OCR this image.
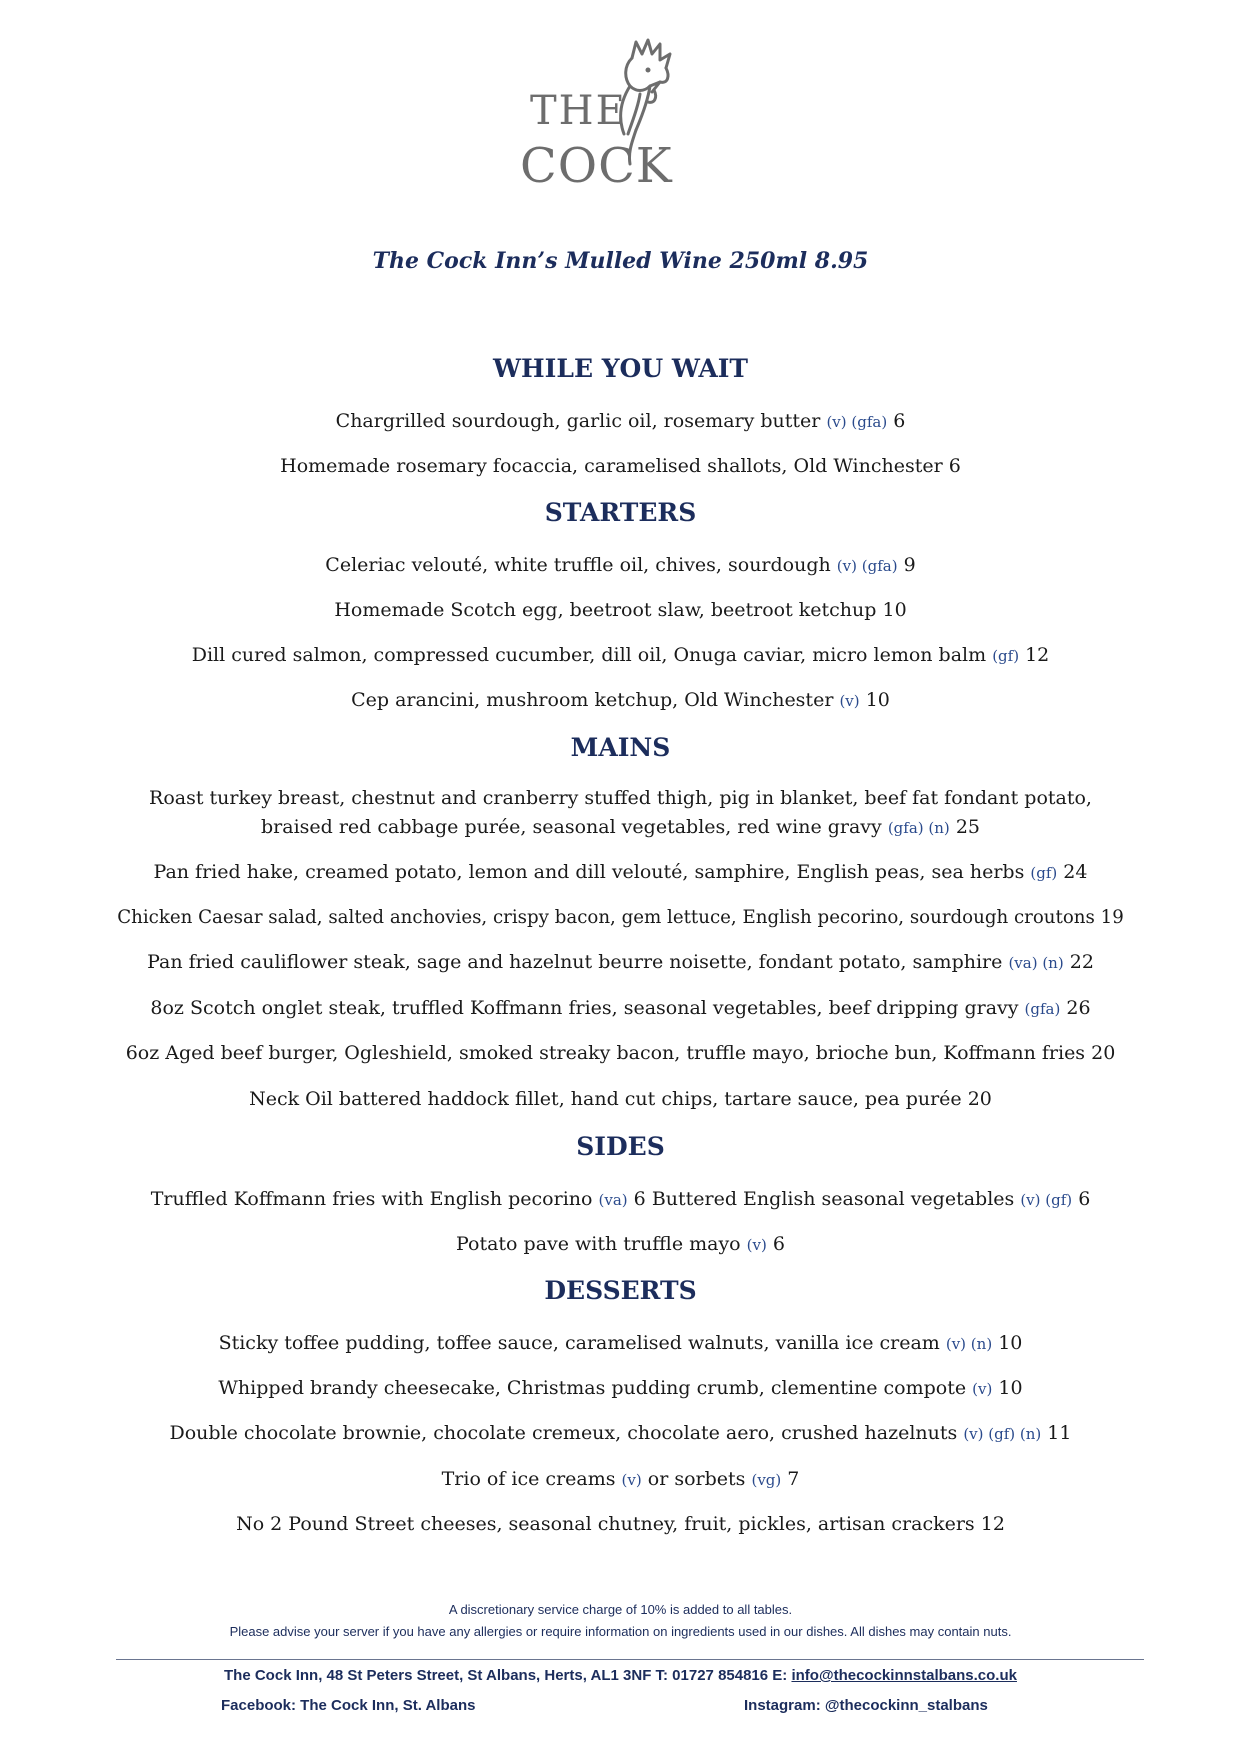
THE
COCK
The Cock Inn’s Mulled Wine 250ml 8.95
WHILE YOU WAIT
Chargrilled sourdough, garlic oil, rosemary butter (v) (gfa) 6
Homemade rosemary focaccia, caramelised shallots, Old Winchester 6
STARTERS
Celeriac velouté, white truffle oil, chives, sourdough (v) (gfa) 9
Homemade Scotch egg, beetroot slaw, beetroot ketchup 10
Dill cured salmon, compressed cucumber, dill oil, Onuga caviar, micro lemon balm (gf) 12
Cep arancini, mushroom ketchup, Old Winchester (v) 10
MAINS
Roast turkey breast, chestnut and cranberry stuffed thigh, pig in blanket, beef fat fondant potato,
braised red cabbage purée, seasonal vegetables, red wine gravy (gfa) (n) 25
Pan fried hake, creamed potato, lemon and dill velouté, samphire, English peas, sea herbs (gf) 24
Chicken Caesar salad, salted anchovies, crispy bacon, gem lettuce, English pecorino, sourdough croutons 19
Pan fried cauliflower steak, sage and hazelnut beurre noisette, fondant potato, samphire (va) (n) 22
8oz Scotch onglet steak, truffled Koffmann fries, seasonal vegetables, beef dripping gravy (gfa) 26
6oz Aged beef burger, Ogleshield, smoked streaky bacon, truffle mayo, brioche bun, Koffmann fries 20
Neck Oil battered haddock fillet, hand cut chips, tartare sauce, pea purée 20
SIDES
Truffled Koffmann fries with English pecorino (va) 6 Buttered English seasonal vegetables (v) (gf) 6
Potato pave with truffle mayo (v) 6
DESSERTS
Sticky toffee pudding, toffee sauce, caramelised walnuts, vanilla ice cream (v) (n) 10
Whipped brandy cheesecake, Christmas pudding crumb, clementine compote (v) 10
Double chocolate brownie, chocolate cremeux, chocolate aero, crushed hazelnuts (v) (gf) (n) 11
Trio of ice creams (v) or sorbets (vg) 7
No 2 Pound Street cheeses, seasonal chutney, fruit, pickles, artisan crackers 12
A discretionary service charge of 10% is added to all tables.
Please advise your server if you have any allergies or require information on ingredients used in our dishes. All dishes may contain nuts.
The Cock Inn, 48 St Peters Street, St Albans, Herts, AL1 3NF T: 01727 854816 E: info@thecockinnstalbans.co.uk
Facebook: The Cock Inn, St. Albans	Instagram: @thecockinn_stalbans
